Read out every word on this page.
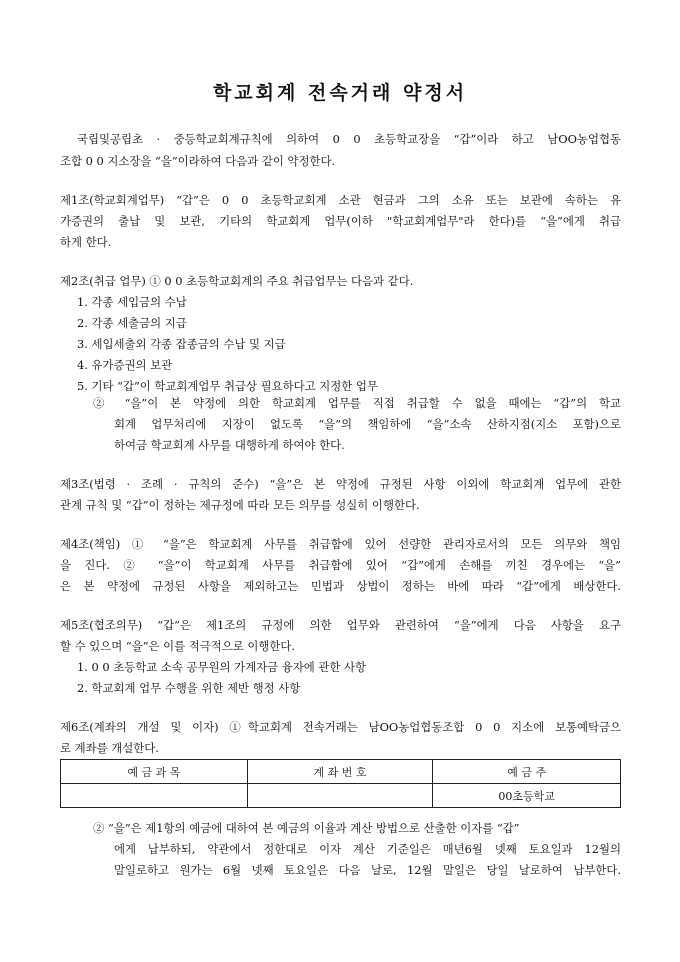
학교회계 전속거래 약정서
국립및공립초 · 중등학교회계규칙에 의하여 0 0 초등학교장을 “갑”이라 하고 남OO농업협동
조합 0 0 지소장을 “을”이라하여 다음과 같이 약정한다.
제1조(학교회계업무) “갑”은 0 0 초등학교회계 소관 현금과 그의 소유 또는 보관에 속하는 유
가증권의 출납 및 보관, 기타의 학교회계 업무(이하 "학교회계업무"라 한다)를 “을”에게 취급
하게 한다.
제2조(취급 업무) ① 0 0 초등학교회계의 주요 취급업무는 다음과 같다.
1. 각종 세입금의 수납
2. 각종 세출금의 지급
3. 세입세출외 각종 잡종금의 수납 및 지급
4. 유가증권의 보관
5. 기타 “갑”이 학교회계업무 취급상 필요하다고 지정한 업무
② “을”이 본 약정에 의한 학교회계 업무를 직접 취급할 수 없을 때에는 “갑”의 학교
회계 업무처리에 지장이 없도록 “을”의 책임하에 “을”소속 산하지점(지소 포함)으로
하여금 학교회계 사무를 대행하게 하여야 한다.
제3조(법령 · 조례 · 규칙의 준수) “을”은 본 약정에 규정된 사항 이외에 학교회계 업무에 관한
관계 규칙 및 “갑”이 정하는 제규정에 따라 모든 의무를 성실히 이행한다.
제4조(책임) ① “을”은 학교회계 사무를 취급함에 있어 선량한 관리자로서의 모든 의무와 책임
을 진다. ② “을”이 학교회계 사무를 취급함에 있어 “갑”에게 손해를 끼친 경우에는 “을”
은 본 약정에 규정된 사항을 제외하고는 민법과 상법이 정하는 바에 따라 “갑”에게 배상한다.
제5조(협조의무) “갑”은 제1조의 규정에 의한 업무와 관련하여 “을”에게 다음 사항을 요구
할 수 있으며 “을”은 이를 적극적으로 이행한다.
1. 0 0 초등학교 소속 공무원의 가계자금 융자에 관한 사항
2. 학교회계 업무 수행을 위한 제반 행정 사항
제6조(계좌의 개설 및 이자) ①학교회계 전속거래는 남OO농업협동조합 0 0 지소에 보통예탁금으
로 계좌를 개설한다.
예 금 과 목	계 좌 번 호	예 금 주
		00초등학교
② “을”은 제1항의 예금에 대하여 본 예금의 이율과 계산 방법으로 산출한 이자를 “갑”
에게 납부하되, 약관에서 정한대로 이자 계산 기준일은 매년6월 넷째 토요일과 12월의
말일로하고 원가는 6월 넷째 토요일은 다음 날로, 12월 말일은 당일 날로하여 납부한다.
